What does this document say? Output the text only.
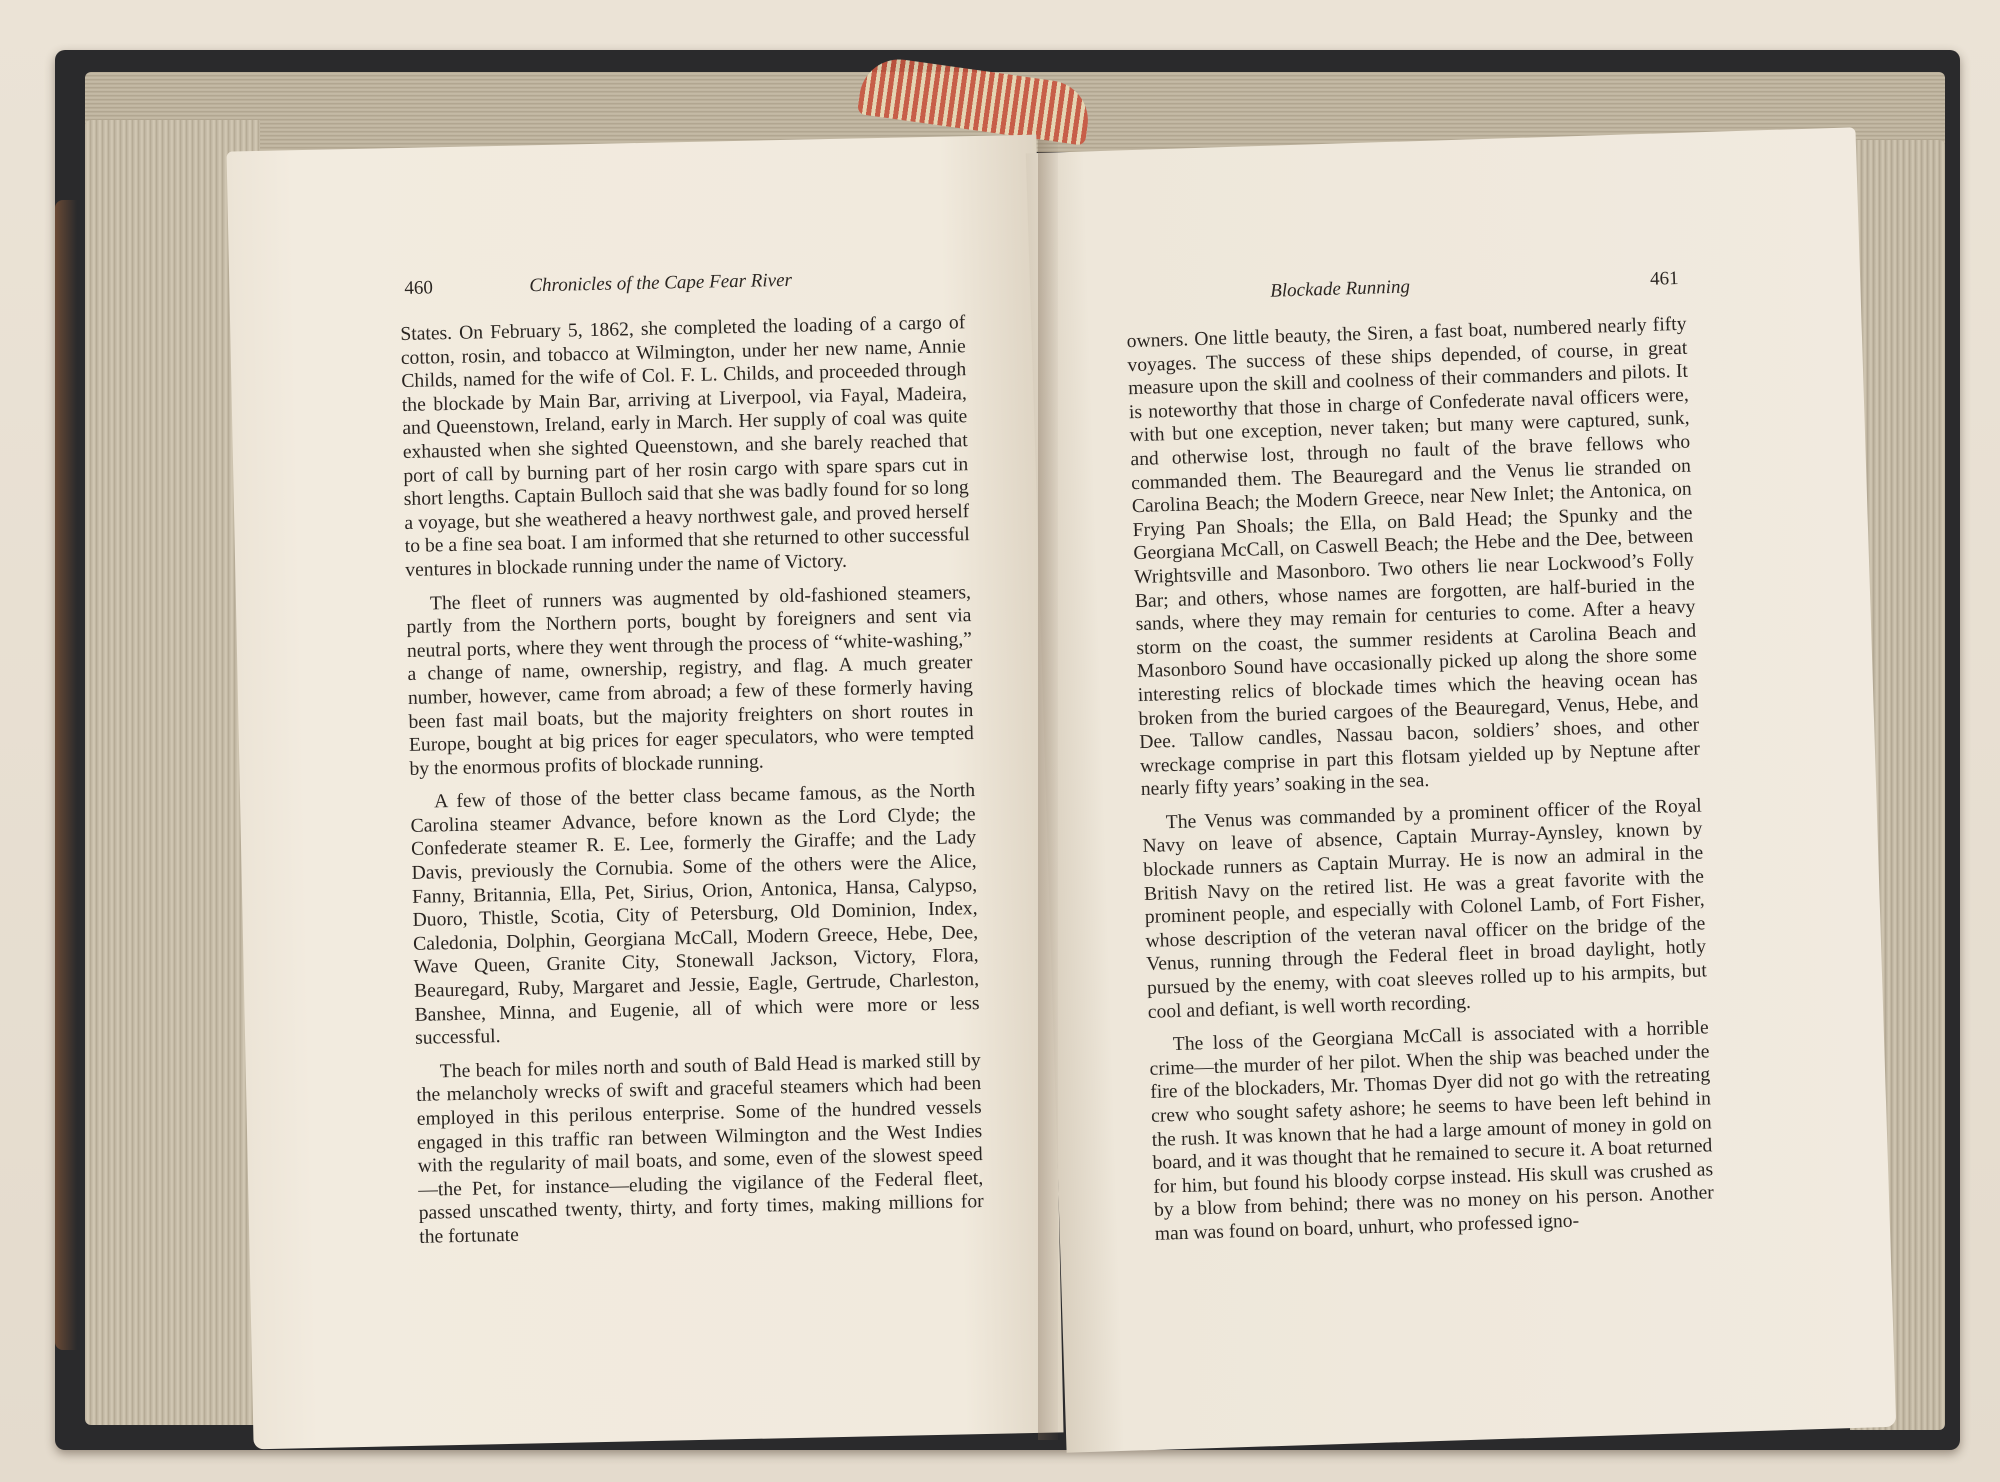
460	Chronicles of the Cape Fear River

States. On February 5, 1862, she completed the loading of a cargo of cotton, rosin, and tobacco at Wilmington, under her new name, Annie Childs, named for the wife of Col. F. L. Childs, and proceeded through the blockade by Main Bar, arriving at Liverpool, via Fayal, Madeira, and Queenstown, Ireland, early in March. Her supply of coal was quite exhausted when she sighted Queenstown, and she barely reached that port of call by burning part of her rosin cargo with spare spars cut in short lengths. Captain Bulloch said that she was badly found for so long a voyage, but she weathered a heavy northwest gale, and proved herself to be a fine sea boat. I am informed that she returned to other successful ventures in blockade running under the name of Victory.

The fleet of runners was augmented by old-fashioned steamers, partly from the Northern ports, bought by foreigners and sent via neutral ports, where they went through the process of “white-washing,” a change of name, ownership, registry, and flag. A much greater number, however, came from abroad; a few of these formerly having been fast mail boats, but the majority freighters on short routes in Europe, bought at big prices for eager speculators, who were tempted by the enormous profits of blockade running.

A few of those of the better class became famous, as the North Carolina steamer Advance, before known as the Lord Clyde; the Confederate steamer R. E. Lee, formerly the Giraffe; and the Lady Davis, previously the Cornubia. Some of the others were the Alice, Fanny, Britannia, Ella, Pet, Sirius, Orion, Antonica, Hansa, Calypso, Duoro, Thistle, Scotia, City of Petersburg, Old Dominion, Index, Caledonia, Dolphin, Georgiana McCall, Modern Greece, Hebe, Dee, Wave Queen, Granite City, Stonewall Jackson, Victory, Flora, Beauregard, Ruby, Margaret and Jessie, Eagle, Gertrude, Charleston, Banshee, Minna, and Eugenie, all of which were more or less successful.

The beach for miles north and south of Bald Head is marked still by the melancholy wrecks of swift and graceful steamers which had been employed in this perilous enterprise. Some of the hundred vessels engaged in this traffic ran between Wilmington and the West Indies with the regularity of mail boats, and some, even of the slowest speed—the Pet, for instance—eluding the vigilance of the Federal fleet, passed unscathed twenty, thirty, and forty times, making millions for the fortunate

Blockade Running	461

owners. One little beauty, the Siren, a fast boat, numbered nearly fifty voyages. The success of these ships depended, of course, in great measure upon the skill and coolness of their commanders and pilots. It is noteworthy that those in charge of Confederate naval officers were, with but one exception, never taken; but many were captured, sunk, and otherwise lost, through no fault of the brave fellows who commanded them. The Beauregard and the Venus lie stranded on Carolina Beach; the Modern Greece, near New Inlet; the Antonica, on Frying Pan Shoals; the Ella, on Bald Head; the Spunky and the Georgiana McCall, on Caswell Beach; the Hebe and the Dee, between Wrightsville and Masonboro. Two others lie near Lockwood’s Folly Bar; and others, whose names are forgotten, are half-buried in the sands, where they may remain for centuries to come. After a heavy storm on the coast, the summer residents at Carolina Beach and Masonboro Sound have occasionally picked up along the shore some interesting relics of blockade times which the heaving ocean has broken from the buried cargoes of the Beauregard, Venus, Hebe, and Dee. Tallow candles, Nassau bacon, soldiers’ shoes, and other wreckage comprise in part this flotsam yielded up by Neptune after nearly fifty years’ soaking in the sea.

The Venus was commanded by a prominent officer of the Royal Navy on leave of absence, Captain Murray-Aynsley, known by blockade runners as Captain Murray. He is now an admiral in the British Navy on the retired list. He was a great favorite with the prominent people, and especially with Colonel Lamb, of Fort Fisher, whose description of the veteran naval officer on the bridge of the Venus, running through the Federal fleet in broad daylight, hotly pursued by the enemy, with coat sleeves rolled up to his armpits, but cool and defiant, is well worth recording.

The loss of the Georgiana McCall is associated with a horrible crime—the murder of her pilot. When the ship was beached under the fire of the blockaders, Mr. Thomas Dyer did not go with the retreating crew who sought safety ashore; he seems to have been left behind in the rush. It was known that he had a large amount of money in gold on board, and it was thought that he remained to secure it. A boat returned for him, but found his bloody corpse instead. His skull was crushed as by a blow from behind; there was no money on his person. Another man was found on board, unhurt, who professed igno-
